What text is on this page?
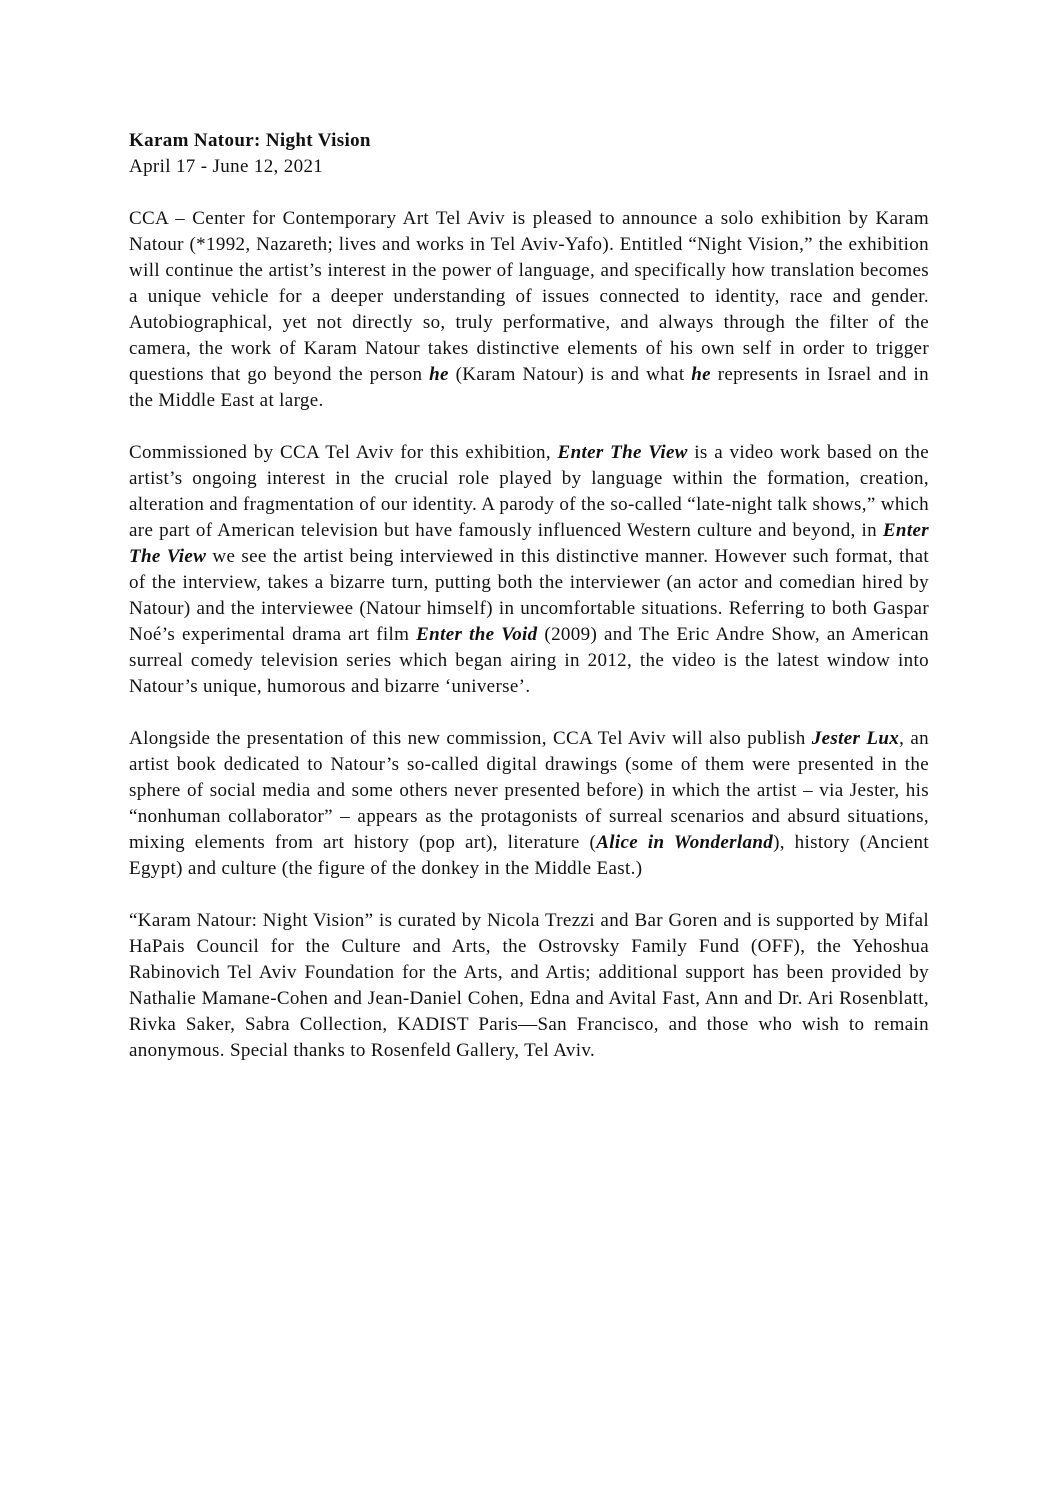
Karam Natour: Night Vision
April 17 - June 12, 2021

CCA – Center for Contemporary Art Tel Aviv is pleased to announce a solo exhibition by Karam Natour (*1992, Nazareth; lives and works in Tel Aviv-Yafo). Entitled “Night Vision,” the exhibition will continue the artist’s interest in the power of language, and specifically how translation becomes a unique vehicle for a deeper understanding of issues connected to identity, race and gender. Autobiographical, yet not directly so, truly performative, and always through the filter of the camera, the work of Karam Natour takes distinctive elements of his own self in order to trigger questions that go beyond the person he (Karam Natour) is and what he represents in Israel and in the Middle East at large.

Commissioned by CCA Tel Aviv for this exhibition, Enter The View is a video work based on the artist’s ongoing interest in the crucial role played by language within the formation, creation, alteration and fragmentation of our identity. A parody of the so-called “late-night talk shows,” which are part of American television but have famously influenced Western culture and beyond, in Enter The View we see the artist being interviewed in this distinctive manner. However such format, that of the interview, takes a bizarre turn, putting both the interviewer (an actor and comedian hired by Natour) and the interviewee (Natour himself) in uncomfortable situations. Referring to both Gaspar Noé’s experimental drama art film Enter the Void (2009) and The Eric Andre Show, an American surreal comedy television series which began airing in 2012, the video is the latest window into Natour’s unique, humorous and bizarre ‘universe’.

Alongside the presentation of this new commission, CCA Tel Aviv will also publish Jester Lux, an artist book dedicated to Natour’s so-called digital drawings (some of them were presented in the sphere of social media and some others never presented before) in which the artist – via Jester, his “nonhuman collaborator” – appears as the protagonists of surreal scenarios and absurd situations, mixing elements from art history (pop art), literature (Alice in Wonderland), history (Ancient Egypt) and culture (the figure of the donkey in the Middle East.)

“Karam Natour: Night Vision” is curated by Nicola Trezzi and Bar Goren and is supported by Mifal HaPais Council for the Culture and Arts, the Ostrovsky Family Fund (OFF), the Yehoshua Rabinovich Tel Aviv Foundation for the Arts, and Artis; additional support has been provided by Nathalie Mamane-Cohen and Jean-Daniel Cohen, Edna and Avital Fast, Ann and Dr. Ari Rosenblatt, Rivka Saker, Sabra Collection, KADIST Paris—San Francisco, and those who wish to remain anonymous. Special thanks to Rosenfeld Gallery, Tel Aviv.
